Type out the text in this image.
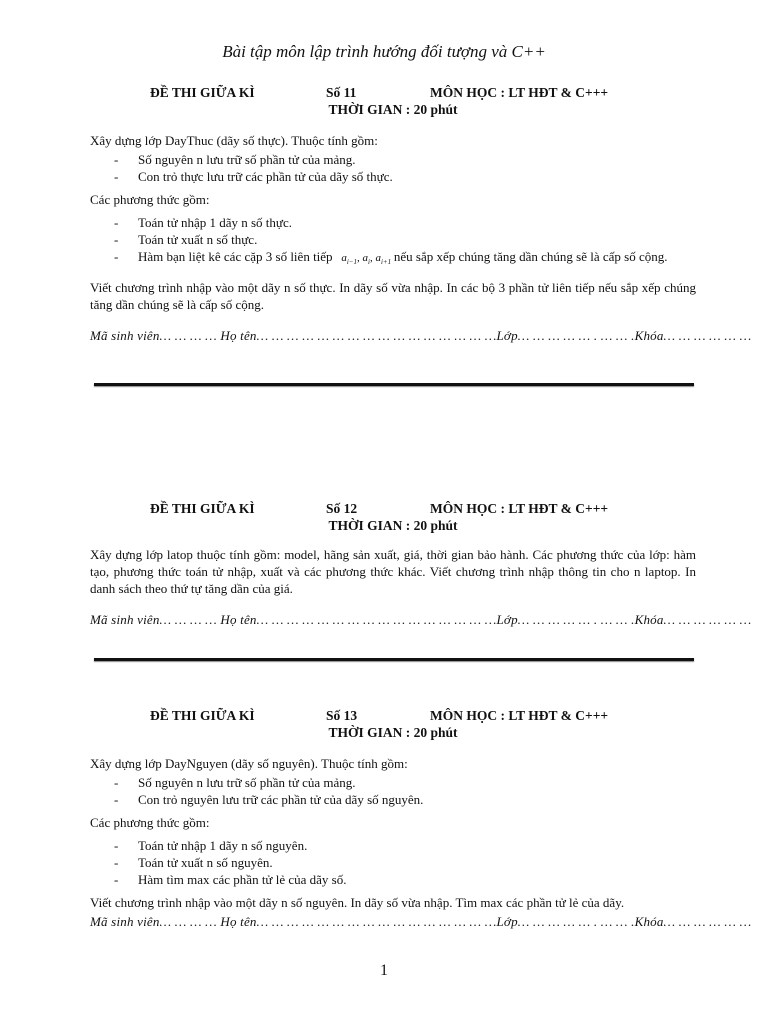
Bài tập môn lập trình hướng đối tượng và C++
ĐỀ THI GIỮA KÌ	Số 11	MÔN HỌC : LT HĐT & C+++
THỜI GIAN : 20 phút

Xây dựng lớp DayThuc (dãy số thực). Thuộc tính gồm:

- Số nguyên n lưu trữ số phần tử của mảng.
- Con trỏ thực lưu trữ các phần tử của dãy số thực.

Các phương thức gồm:

- Toán tử nhập 1 dãy n số thực.
- Toán tử xuất n số thực.
- Hàm bạn liệt kê các cặp 3 số liên tiếp $a_{i-1}$, $a_i$, $a_{i+1}$ nếu sắp xếp chúng tăng dần chúng sẽ là cấp số cộng.

Viết chương trình nhập vào một dãy n số thực. In dãy số vừa nhập. In các bộ 3 phần tử liên tiếp nếu sắp xếp chúng tăng dần chúng sẽ là cấp số cộng.

Mã sinh viên… … … … Họ tên… … … … … … … … … … … … … … … …Lớp… … … … … . … … .Khóa… … … … … …
ĐỀ THI GIỮA KÌ	Số 12	MÔN HỌC : LT HĐT & C+++
THỜI GIAN : 20 phút

Xây dựng lớp latop thuộc tính gồm: model, hãng sản xuất, giá, thời gian bảo hành. Các phương thức của lớp: hàm tạo, phương thức toán tử nhập, xuất và các phương thức khác. Viết chương trình nhập thông tin cho n laptop. In danh sách theo thứ tự tăng dần của giá.

Mã sinh viên… … … … Họ tên… … … … … … … … … … … … … … … …Lớp… … … … … . … … .Khóa… … … … … …
ĐỀ THI GIỮA KÌ	Số 13	MÔN HỌC : LT HĐT & C+++
THỜI GIAN : 20 phút

Xây dựng lớp DayNguyen (dãy số nguyên). Thuộc tính gồm:

- Số nguyên n lưu trữ số phần tử của mảng.
- Con trỏ nguyên lưu trữ các phần tử của dãy số nguyên.

Các phương thức gồm:

- Toán tử nhập 1 dãy n số nguyên.
- Toán tử xuất n số nguyên.
- Hàm tìm max các phần tử lẻ của dãy số.

Viết chương trình nhập vào một dãy n số nguyên. In dãy số vừa nhập. Tìm max các phần tử lẻ của dãy.

Mã sinh viên… … … … Họ tên… … … … … … … … … … … … … … … …Lớp… … … … … . … … .Khóa… … … … … …
1
